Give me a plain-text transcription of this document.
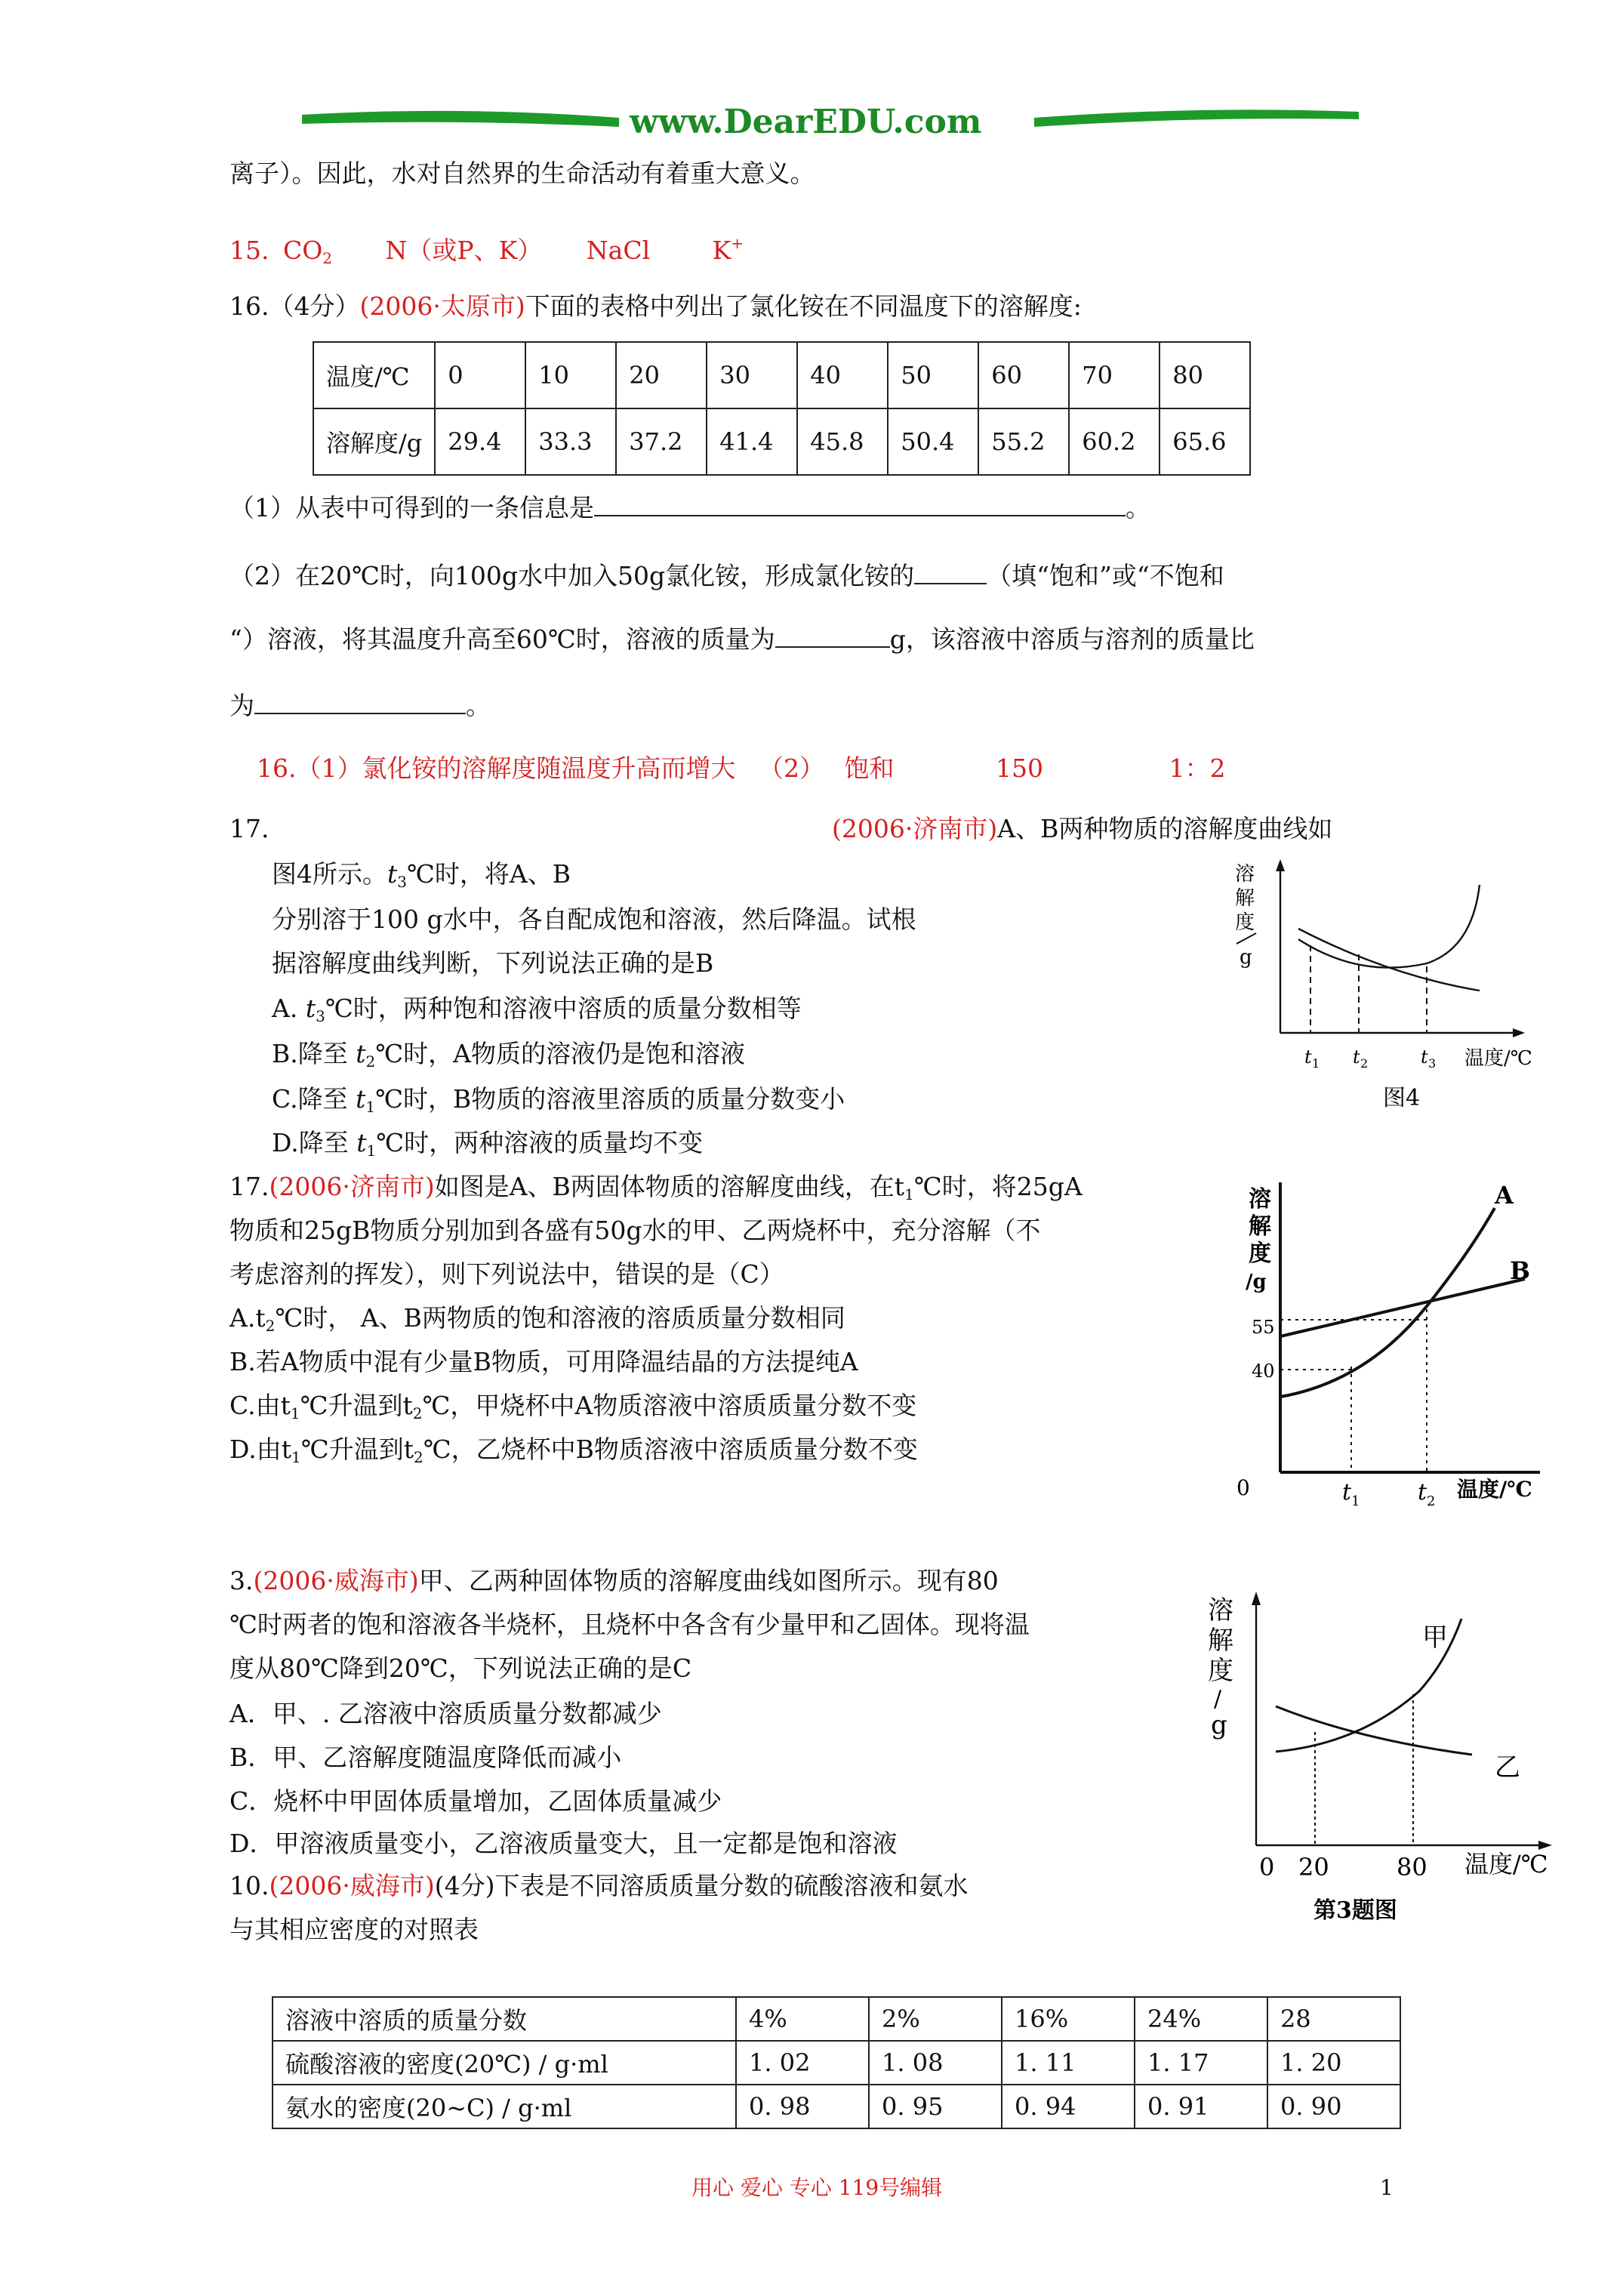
www.DearEDU.com
离子）。因此，水对自然界的生命活动有着重大意义。
15. $CO_2$	N（或P、K）	NaCl	K+
16.（4分）(2006·太原市)下面的表格中列出了氯化铵在不同温度下的溶解度:
温度/℃	0	10	20	30	40	50	60	70	80
溶解度/g	29.4	33.3	37.2	41.4	45.8	50.4	55.2	60.2	65.6
（1）从表中可得到的一条信息是	。
（2）在20℃时，向100g水中加入50g氯化铵，形成氯化铵的	（填“饱和”或“不饱和
“）溶液，将其温度升高至60℃时，溶液的质量为	g，该溶液中溶质与溶剂的质量比
为	。
16.（1）氯化铵的溶解度随温度升高而增大 （2） 饱和	150	1：2
17.	(2006·济南市)A、B两种物质的溶解度曲线如
图4所示。$t_3℃$时，将A、B
分别溶于100 g水中，各自配成饱和溶液，然后降温。试根
据溶解度曲线判断，下列说法正确的是B
A. $t_3℃$时，两种饱和溶液中溶质的质量分数相等
B.降至 $t_2℃$时，A物质的溶液仍是饱和溶液
C.降至 $t_1℃$时，B物质的溶液里溶质的质量分数变小
D.降至 $t_1℃$时，两种溶液的质量均不变
溶
解
度
g
t 1	t 2	t 3	温度/℃
图4
17.(2006·济南市)如图是A、B两固体物质的溶解度曲线，在$t_1℃$时，将25gA
物质和25gB物质分别加到各盛有50g水的甲、乙两烧杯中，充分溶解（不
考虑溶剂的挥发），则下列说法中，错误的是（C）
$A.t_2℃$时， A、B两物质的饱和溶液的溶质质量分数相同
B.若A物质中混有少量B物质，可用降温结晶的方法提纯A
C.由$t_1℃$升温到$t_2℃$，甲烧杯中A物质溶液中溶质质量分数不变
D.由$t_1℃$升温到$t_2℃$，乙烧杯中B物质溶液中溶质质量分数不变
溶
解
度
/g
A
B
55
40
0	t 1	t 2 温度/℃
3.(2006·威海市)甲、乙两种固体物质的溶解度曲线如图所示。现有80
℃时两者的饱和溶液各半烧杯，且烧杯中各含有少量甲和乙固体。现将温
度从80℃降到20℃，下列说法正确的是C
A．甲、. 乙溶液中溶质质量分数都减少
B．甲、乙溶解度随温度降低而减小
C．烧杯中甲固体质量增加，乙固体质量减少
D．甲溶液质量变小，乙溶液质量变大，且一定都是饱和溶液
溶
解
度
/
g
甲
乙
0 20	80	温度/℃
第3题图
10.(2006·威海市)(4分)下表是不同溶质质量分数的硫酸溶液和氨水
与其相应密度的对照表
溶液中溶质的质量分数	4%	2%	16%	24%	28
硫酸溶液的密度(20℃) / g·ml	1. 02	1. 08	1. 11	1. 17	1. 20
氨水的密度(20~C) / g·ml	0. 98	0. 95	0. 94	0. 91	0. 90
用心 爱心 专心 119号编辑	1
